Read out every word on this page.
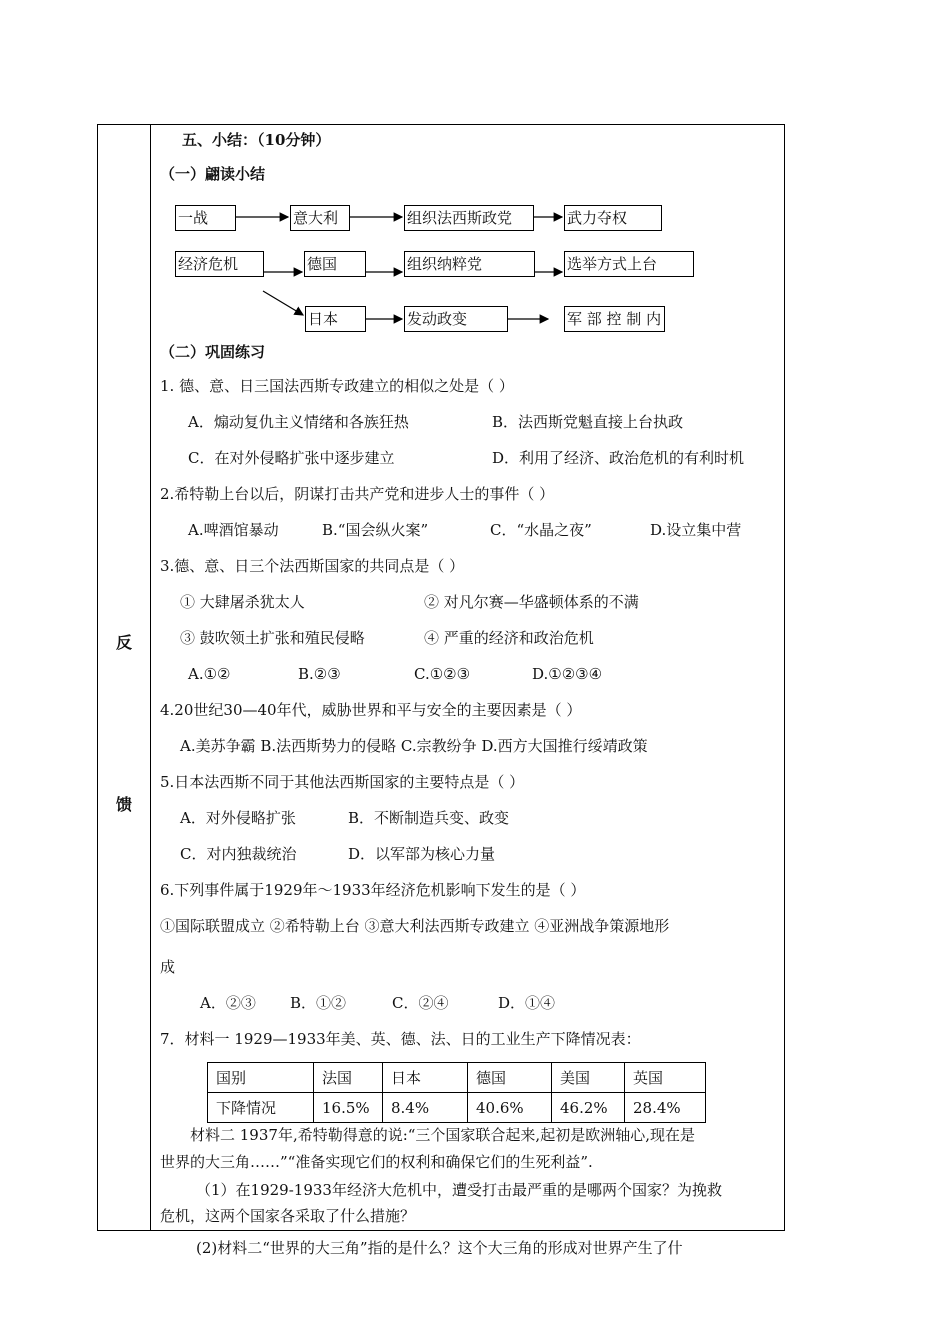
反
馈
五、小结：（10分钟）
（一）翩读小结
一战	意大利	组织法西斯政党	武力夺权
经济危机	德国	组织纳粹党	选举方式上台
日本	发动政变	军 部 控 制 内
（二）巩固练习
1. 德、意、日三国法西斯专政建立的相似之处是（ ）
A．煽动复仇主义情绪和各族狂热	B．法西斯党魁直接上台执政
C．在对外侵略扩张中逐步建立	D．利用了经济、政治危机的有利时机
2.希特勒上台以后，阴谋打击共产党和进步人士的事件（ ）
A.啤酒馆暴动	B.“国会纵火案”	C．“水晶之夜”	D.设立集中营
3.德、意、日三个法西斯国家的共同点是（ ）
① 大肆屠杀犹太人	② 对凡尔赛—华盛顿体系的不满
③ 鼓吹领土扩张和殖民侵略	④ 严重的经济和政治危机
A.①②	B.②③	C.①②③	D.①②③④
4.20世纪30—40年代，威胁世界和平与安全的主要因素是（ ）
A.美苏争霸 B.法西斯势力的侵略 C.宗教纷争 D.西方大国推行绥靖政策
5.日本法西斯不同于其他法西斯国家的主要特点是（ ）
A．对外侵略扩张	B．不断制造兵变、政变
C．对内独裁统治	D．以军部为核心力量
6.下列事件属于1929年～1933年经济危机影响下发生的是（ ）
①国际联盟成立 ②希特勒上台 ③意大利法西斯专政建立 ④亚洲战争策源地形
成
A．②③ B．①②	C．②④	D．①④
7．材料一 1929—1933年美、英、德、法、日的工业生产下降情况表：
国别	法国	日本	德国	美国	英国
下降情况	16.5%	8.4%	40.6%	46.2%	28.4%
材料二 1937年,希特勒得意的说:“三个国家联合起来,起初是欧洲轴心,现在是
世界的大三角……”“准备实现它们的权利和确保它们的生死利益”.
（1）在1929-1933年经济大危机中，遭受打击最严重的是哪两个国家？为挽救
危机，这两个国家各采取了什么措施？
(2)材料二“世界的大三角”指的是什么？这个大三角的形成对世界产生了什
